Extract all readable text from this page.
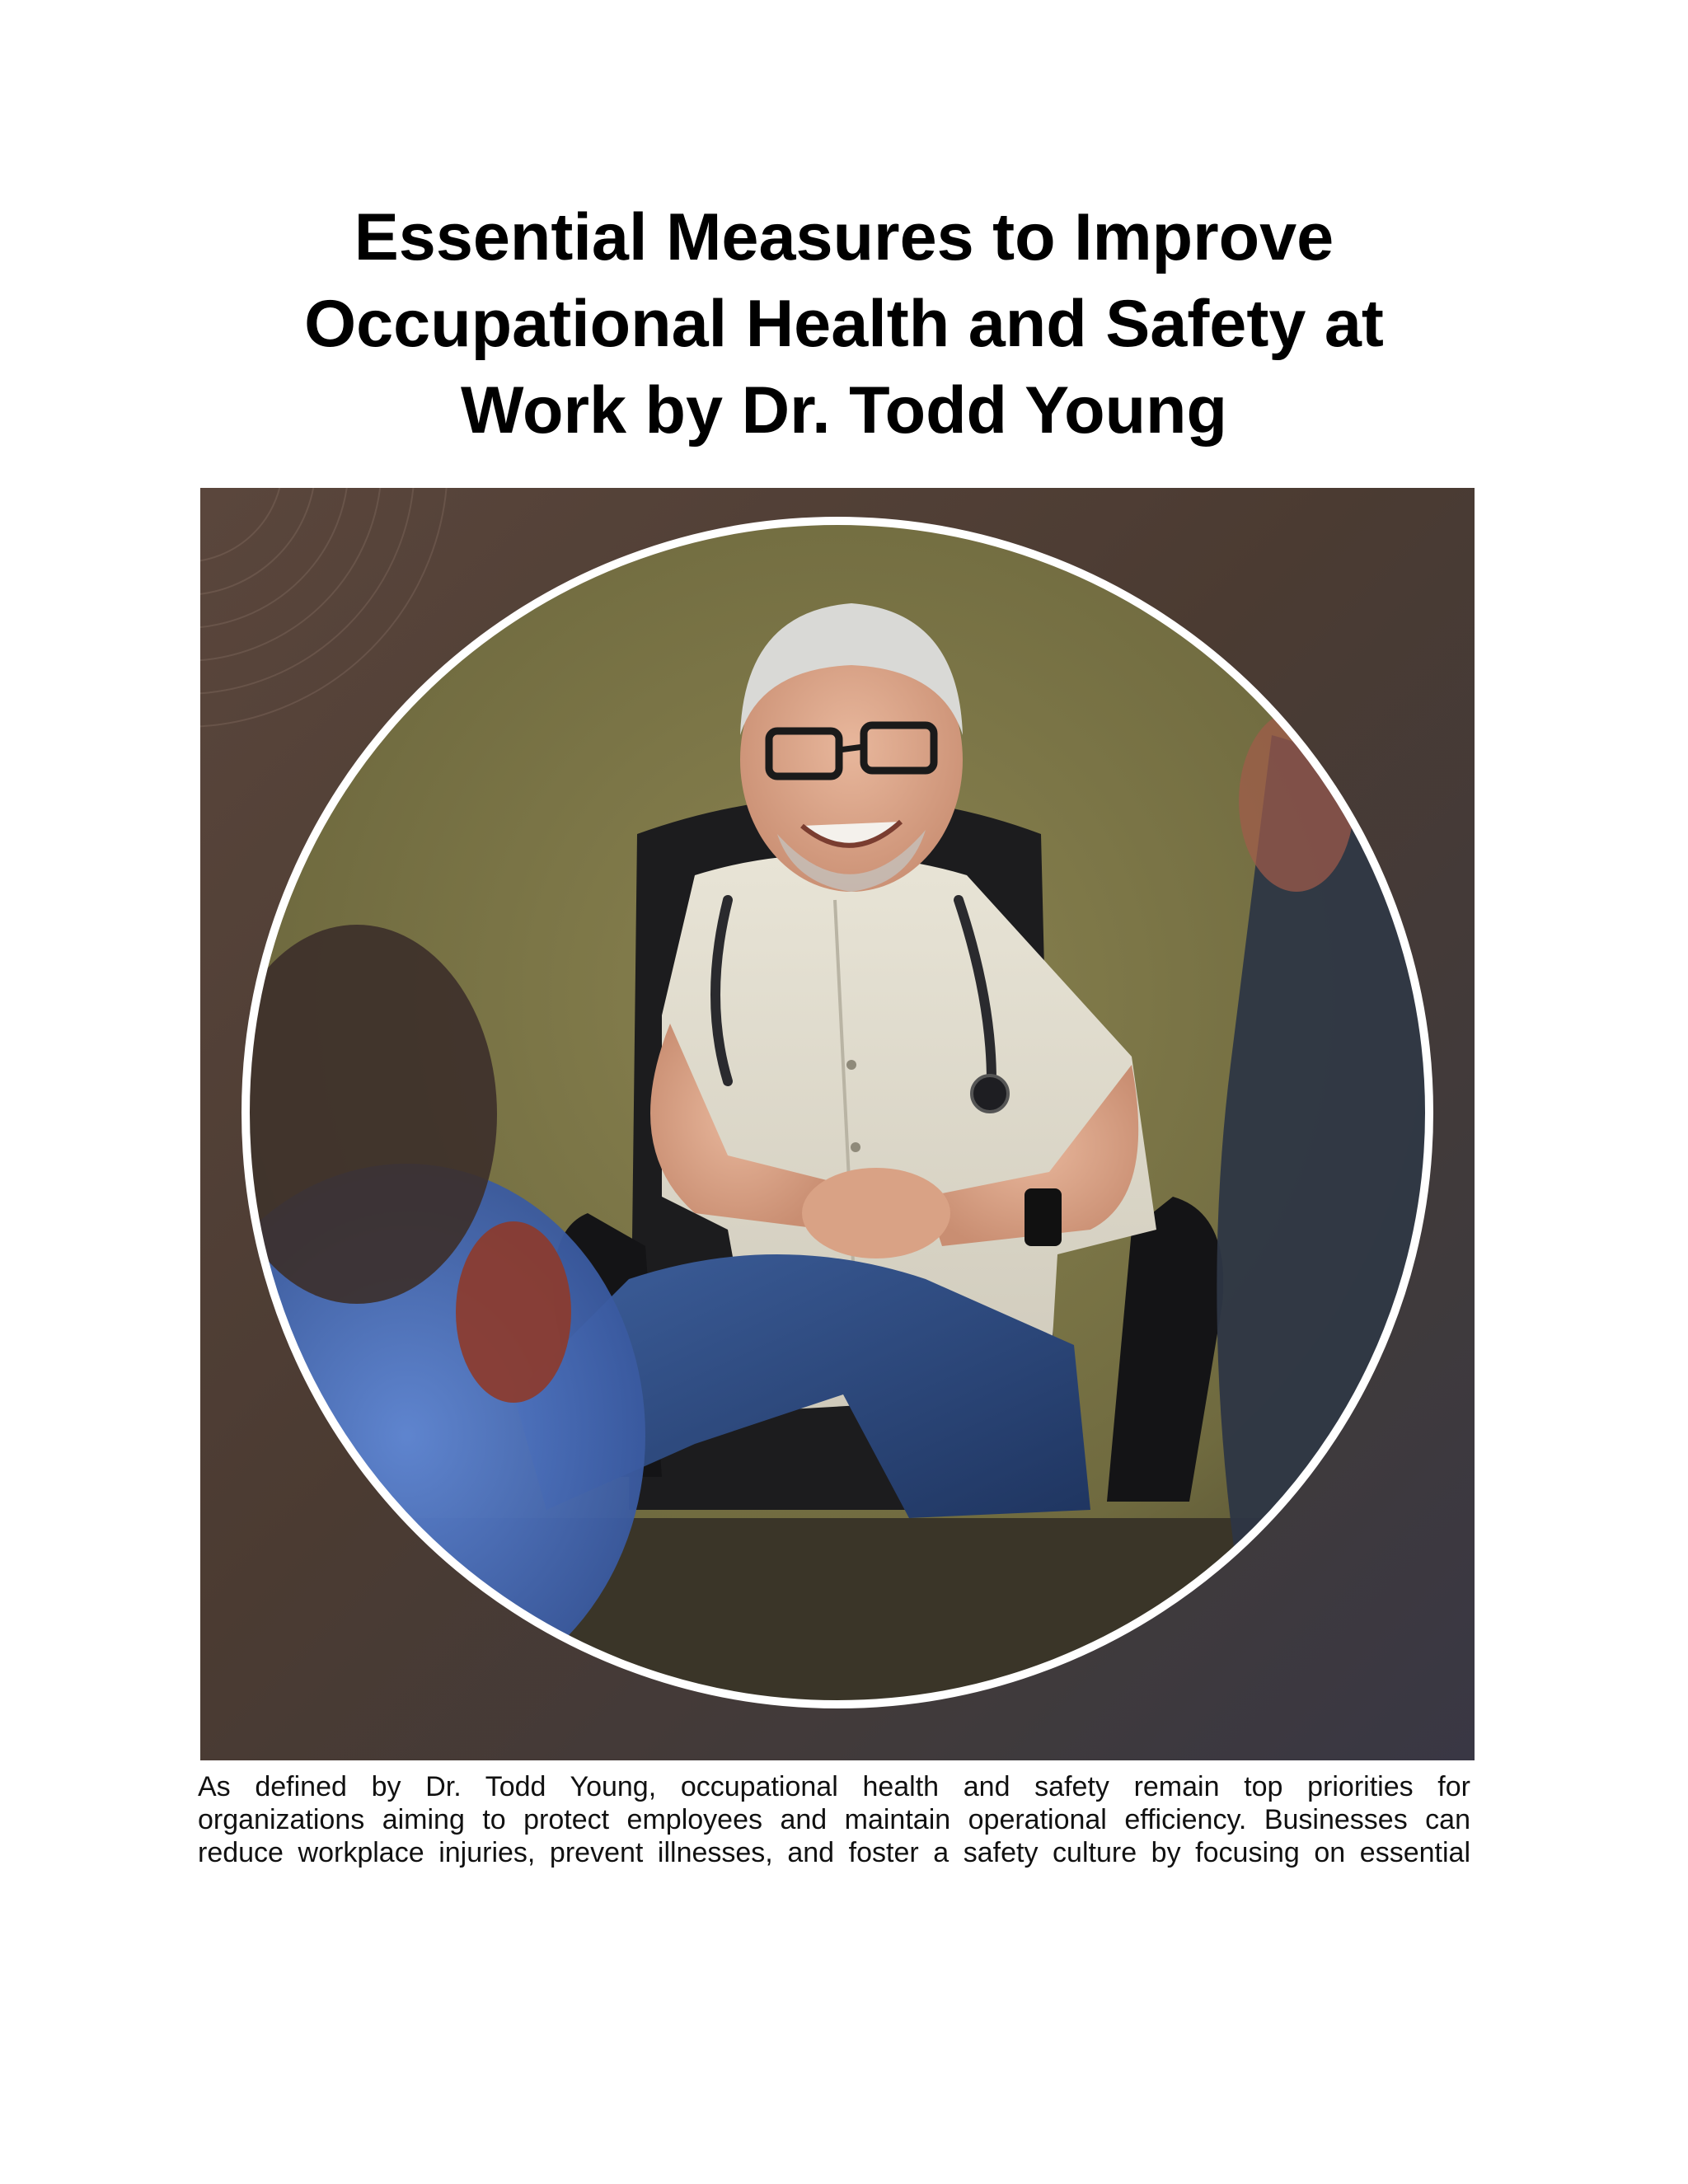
Essential Measures to Improve
Occupational Health and Safety at
Work by Dr. Todd Young

As defined by Dr. Todd Young, occupational health and safety remain top priorities for
organizations aiming to protect employees and maintain operational efficiency. Businesses can
reduce workplace injuries, prevent illnesses, and foster a safety culture by focusing on essential
